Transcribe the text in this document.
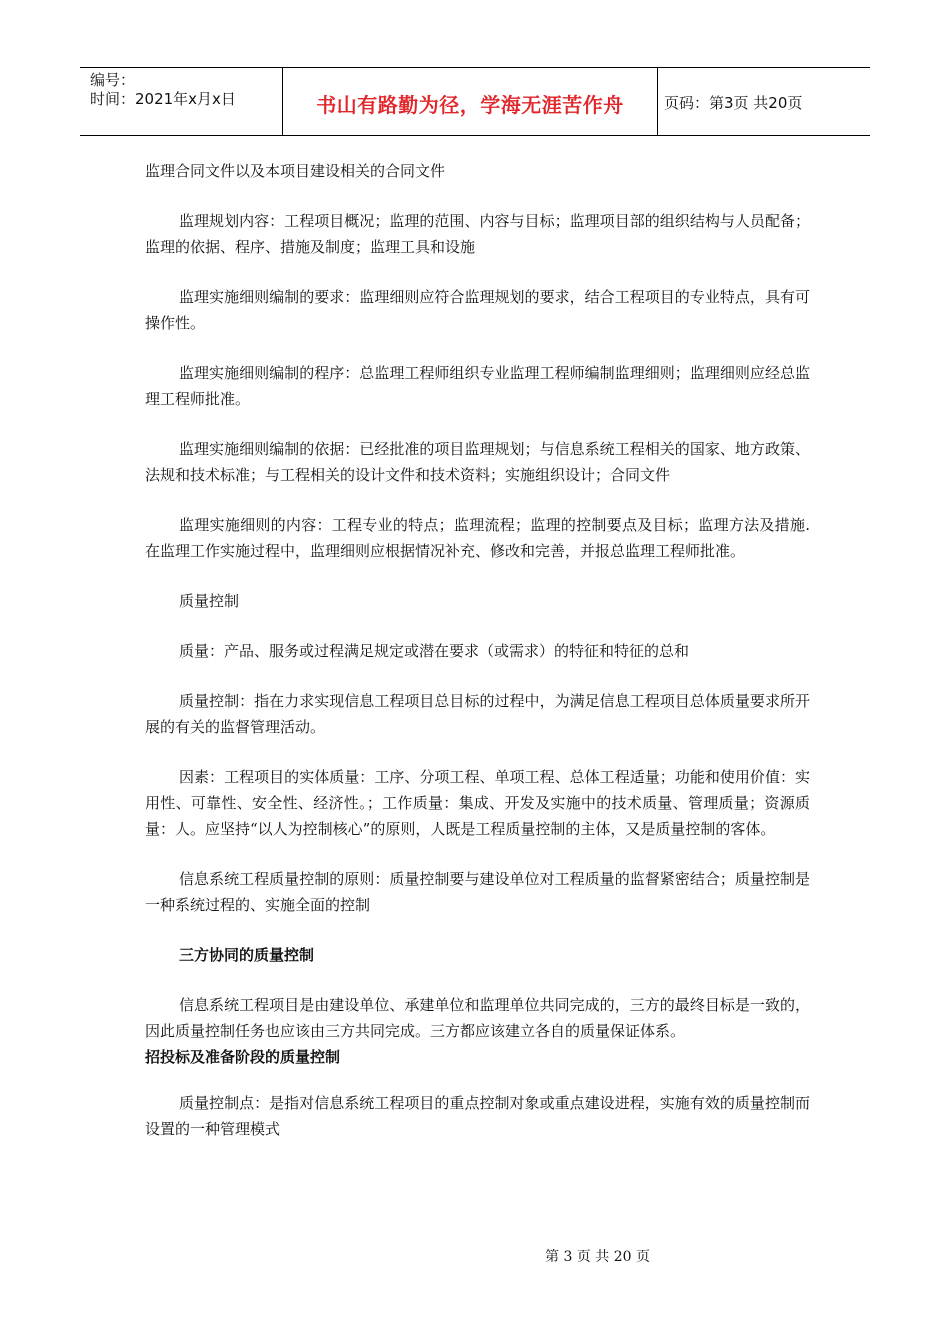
编号：
时间：2021年x月x日	书山有路勤为径，学海无涯苦作舟	页码：第3页 共20页

监理合同文件以及本项目建设相关的合同文件

监理规划内容：工程项目概况；监理的范围、内容与目标；监理项目部的组织结构与人员配备；监理的依据、程序、措施及制度；监理工具和设施

监理实施细则编制的要求：监理细则应符合监理规划的要求，结合工程项目的专业特点，具有可操作性。

监理实施细则编制的程序：总监理工程师组织专业监理工程师编制监理细则；监理细则应经总监理工程师批准。

监理实施细则编制的依据：已经批准的项目监理规划；与信息系统工程相关的国家、地方政策、法规和技术标准；与工程相关的设计文件和技术资料；实施组织设计；合同文件

监理实施细则的内容：工程专业的特点；监理流程；监理的控制要点及目标；监理方法及措施.在监理工作实施过程中，监理细则应根据情况补充、修改和完善，并报总监理工程师批准。

质量控制

质量：产品、服务或过程满足规定或潜在要求（或需求）的特征和特征的总和

质量控制：指在力求实现信息工程项目总目标的过程中，为满足信息工程项目总体质量要求所开展的有关的监督管理活动。

因素：工程项目的实体质量：工序、分项工程、单项工程、总体工程适量；功能和使用价值：实用性、可靠性、安全性、经济性。；工作质量：集成、开发及实施中的技术质量、管理质量；资源质量：人。应坚持“以人为控制核心”的原则，人既是工程质量控制的主体，又是质量控制的客体。

信息系统工程质量控制的原则：质量控制要与建设单位对工程质量的监督紧密结合；质量控制是一种系统过程的、实施全面的控制

三方协同的质量控制

信息系统工程项目是由建设单位、承建单位和监理单位共同完成的，三方的最终目标是一致的，因此质量控制任务也应该由三方共同完成。三方都应该建立各自的质量保证体系。

招投标及准备阶段的质量控制

质量控制点：是指对信息系统工程项目的重点控制对象或重点建设进程，实施有效的质量控制而设置的一种管理模式

第 3 页 共 20 页
